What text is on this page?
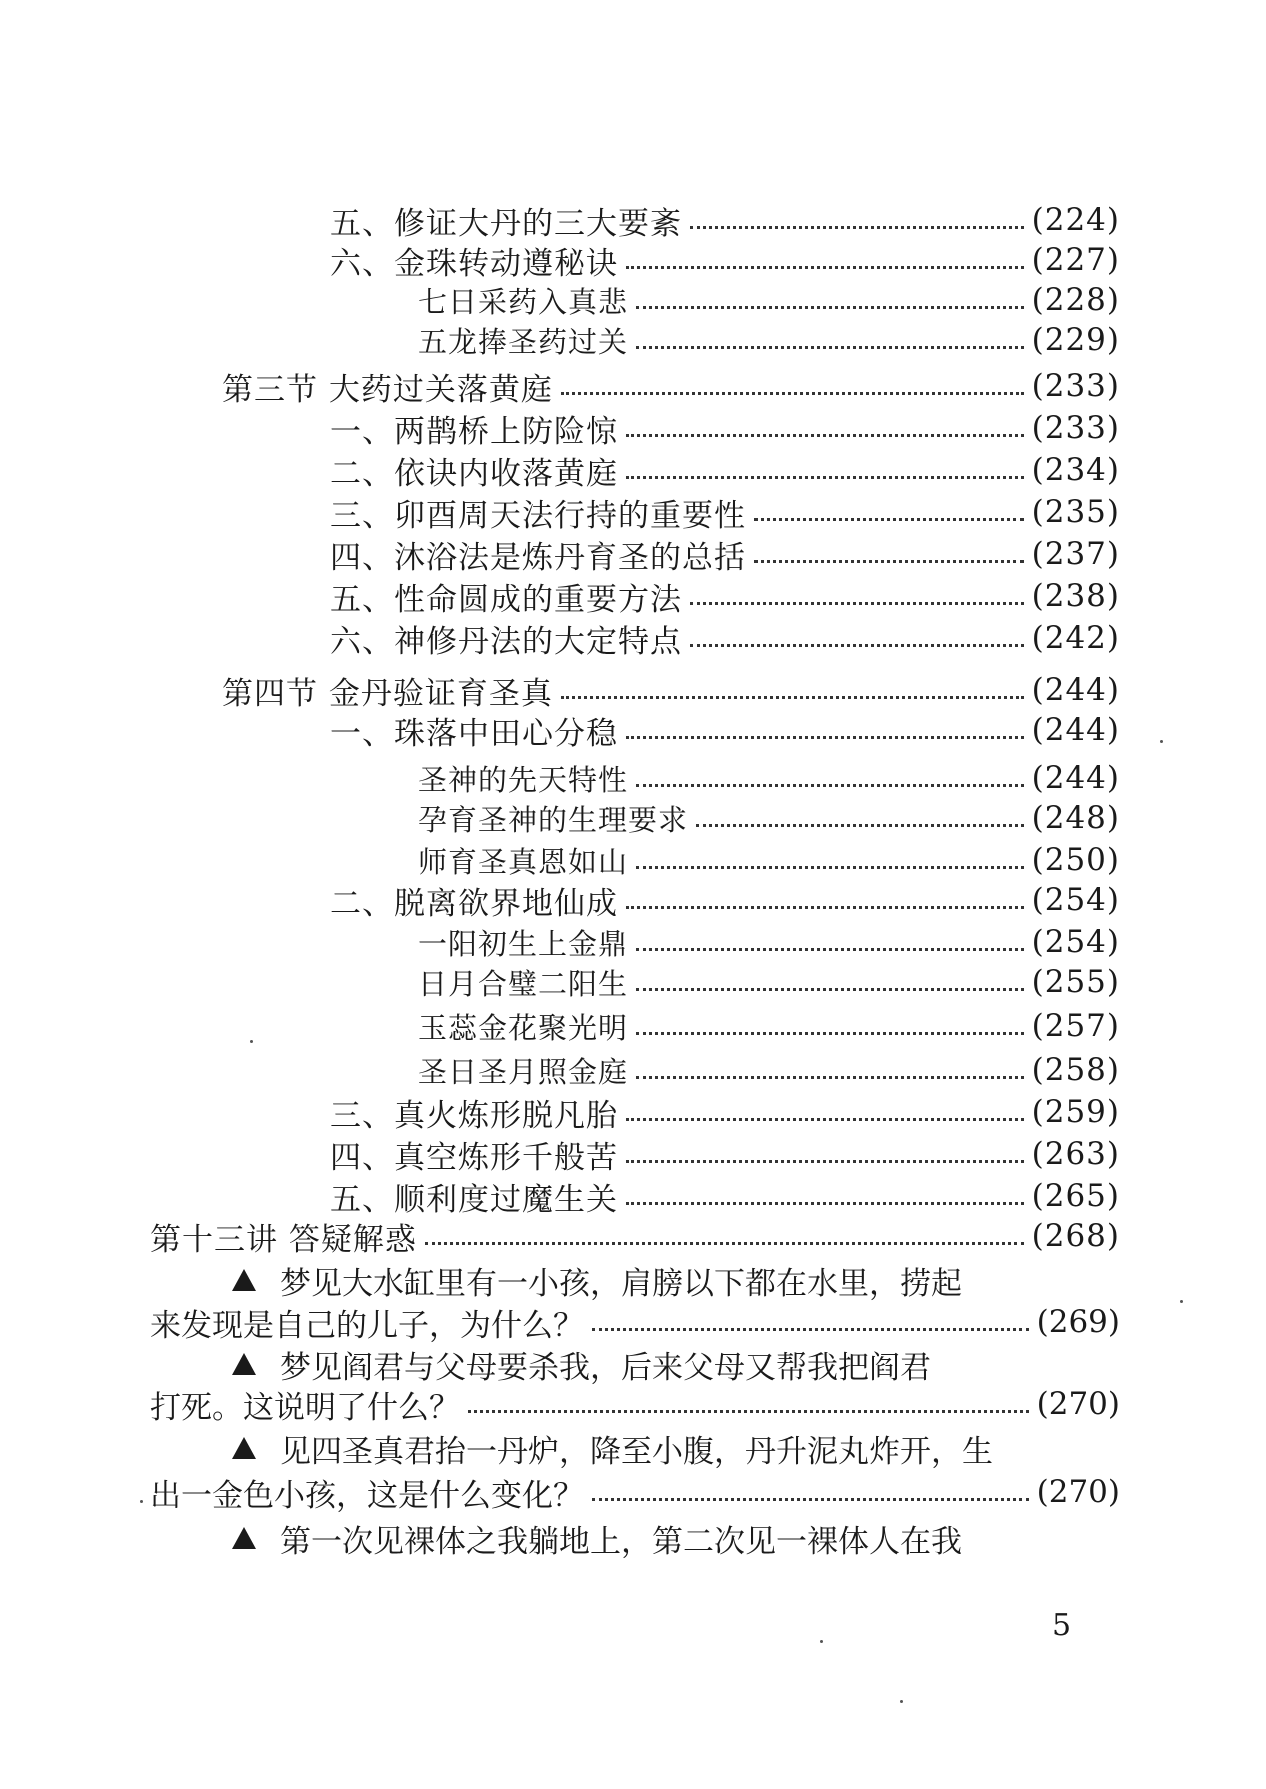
五、修证大丹的三大要紊	(224)
六、金珠转动遵秘诀	(227)
七日采药入真悲	(228)
五龙捧圣药过关	(229)
第三节 大药过关落黄庭	(233)
一、两鹊桥上防险惊	(233)
二、依诀内收落黄庭	(234)
三、卯酉周天法行持的重要性	(235)
四、沐浴法是炼丹育圣的总括	(237)
五、性命圆成的重要方法	(238)
六、神修丹法的大定特点	(242)
第四节 金丹验证育圣真	(244)
一、珠落中田心分稳	(244)
圣神的先天特性	(244)
孕育圣神的生理要求	(248)
师育圣真恩如山	(250)
二、脱离欲界地仙成	(254)
一阳初生上金鼎	(254)
日月合璧二阳生	(255)
玉蕊金花聚光明	(257)
圣日圣月照金庭	(258)
三、真火炼形脱凡胎	(259)
四、真空炼形千般苦	(263)
五、顺利度过魔生关	(265)
第十三讲 答疑解惑	(268)
梦见大水缸里有一小孩，肩膀以下都在水里，捞起
来发现是自己的儿子，为什么？	(269)
梦见阎君与父母要杀我，后来父母又帮我把阎君
打死。这说明了什么？	(270)
见四圣真君抬一丹炉，降至小腹，丹升泥丸炸开，生
出一金色小孩，这是什么变化？	(270)
第一次见裸体之我躺地上，第二次见一裸体人在我
5
